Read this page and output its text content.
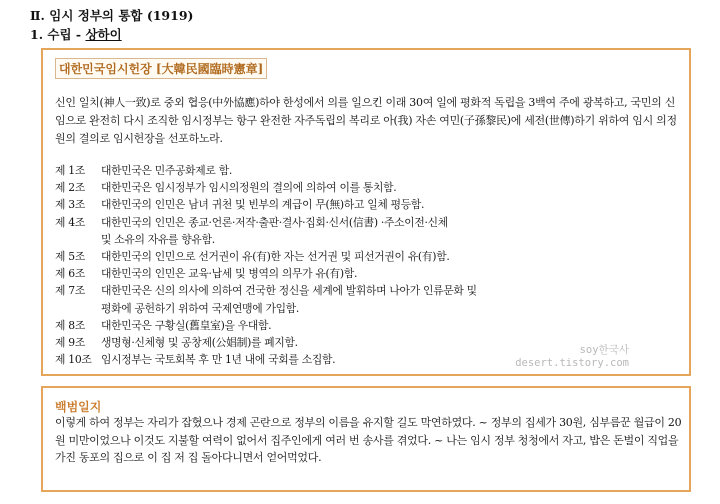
Ⅱ. 임시 정부의 통합 (1919)
1. 수립 - 상하이
대한민국임시헌장 [大韓民國臨時憲章]

신인 일치(神人一致)로 중외 협응(中外協應)하야 한성에서 의를 일으킨 이래 30여 일에 평화적 독립을 3백여 주에 광복하고, 국민의 신임으로 완전히 다시 조직한 임시정부는 항구 완전한 자주독립의 복리로 아(我) 자손 여민(子孫黎民)에 세전(世傳)하기 위하여 임시 의정원의 결의로 임시헌장을 선포하노라.

제 1조	대한민국은 민주공화제로 함.
제 2조	대한민국은 임시정부가 임시의정원의 결의에 의하여 이를 통치함.
제 3조	대한민국의 인민은 남녀 귀천 및 빈부의 계급이 무(無)하고 일체 평등함.
제 4조	대한민국의 인민은 종교·언론·저작·출판·결사·집회·신서(信書) ·주소이전·신체
및 소유의 자유를 향유함.
제 5조	대한민국의 인민으로 선거권이 유(有)한 자는 선거권 및 피선거권이 유(有)함.
제 6조	대한민국의 인민은 교육·납세 및 병역의 의무가 유(有)함.
제 7조	대한민국은 신의 의사에 의하여 건국한 정신을 세계에 발휘하며 나아가 인류문화 및
평화에 공헌하기 위하여 국제연맹에 가입함.
제 8조	대한민국은 구황실(舊皇室)을 우대함.
제 9조	생명형·신체형 및 공창제(公娼制)를 폐지함.
제 10조 임시정부는 국토회복 후 만 1년 내에 국회를 소집함.
soy한국사
desert.tistory.com
백범일지

이렇게 하여 정부는 자리가 잡혔으나 경제 곤란으로 정부의 이름을 유지할 길도 막연하였다. ~ 정부의 집세가 30원, 심부름꾼 월급이 20원 미만이었으나 이것도 지불할 여력이 없어서 집주인에게 여러 번 송사를 겪었다. ~ 나는 임시 정부 청청에서 자고, 밥은 돈벌이 직업을 가진 동포의 집으로 이 집 저 집 돌아다니면서 얻어먹었다.
